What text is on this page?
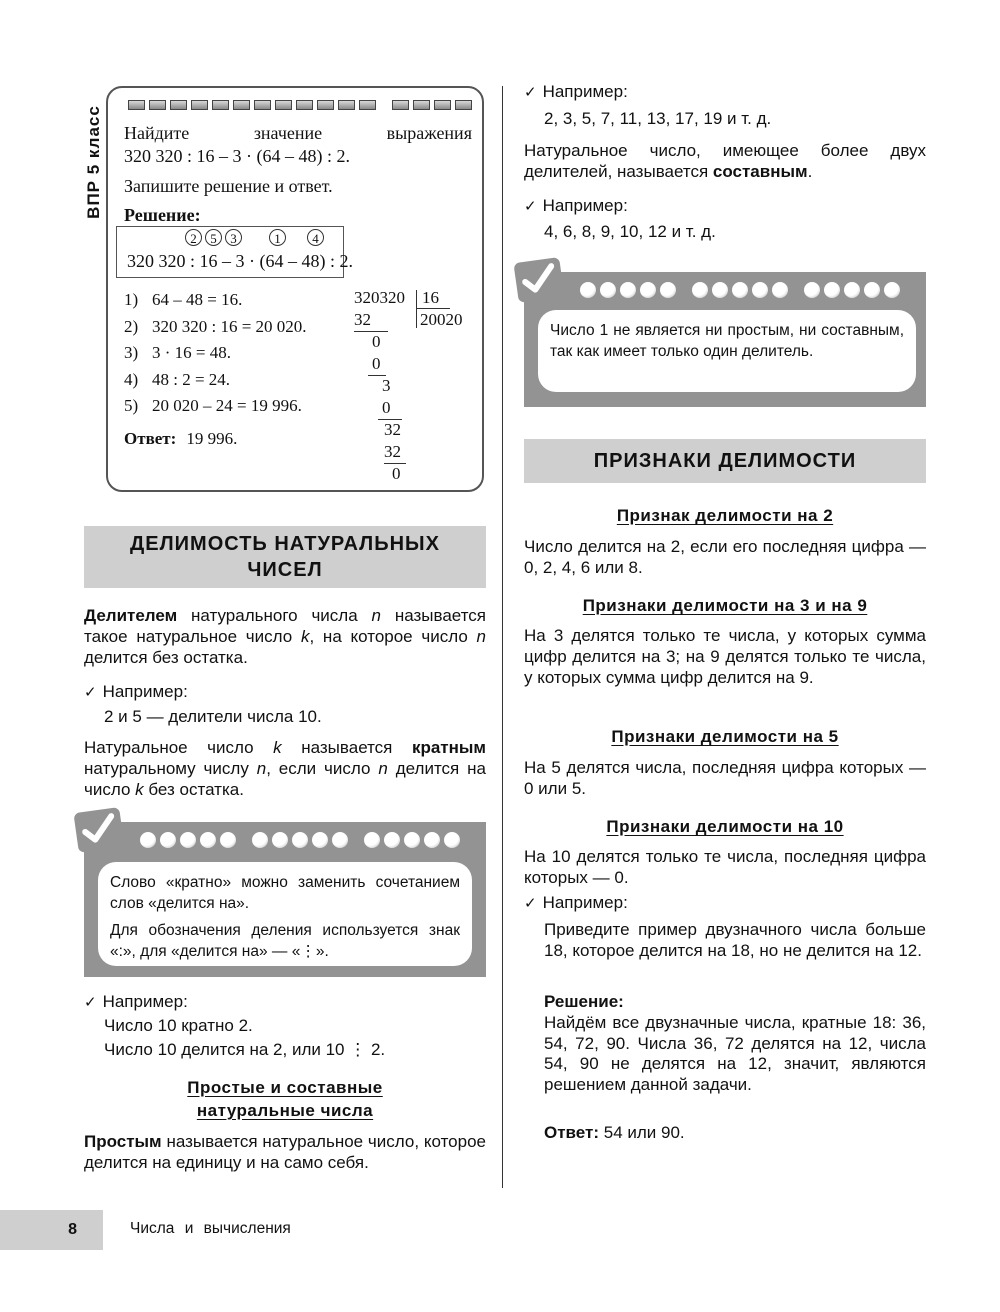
ВПР 5 класс Найдите	значение	выражения
320 320 : 16 – 3 · (64 – 48) : 2.
Запишите решение и ответ.
Решение:
2	5	3	1	4
320 320 : 16 – 3 · (64 – 48) : 2.
1) 64 – 48 = 16.
2) 320 320 : 16 = 20 020.
3) 3 · 16 = 48.
4) 48 : 2 = 24.
5) 20 020 – 24 = 19 996.
Ответ: 19 996.
320320 16
20020
32
0
0
3
0
32
32
0
ДЕЛИМОСТЬ НАТУРАЛЬНЫХ
ЧИСЕЛ
Делителем натурального числа n называется такое натуральное число k, на которое число n делится без остатка.
✓ Например:
2 и 5 — делители числа 10.
Натуральное число k называется кратным натуральному числу n, если число n делится на число k без остатка.

Слово «кратно» можно заменить сочетанием слов «делится на».

Для обозначения деления используется знак «:», для «делится на» — «⋮».

✓ Например:
Число 10 кратно 2.
Число 10 делится на 2, или 10 ⋮ 2.
Простые и составные
натуральные числа
Простым называется натуральное число, которое делится на единицу и на само себя.
✓ Например:
2, 3, 5, 7, 11, 13, 17, 19 и т. д.
Натуральное число, имеющее более двух делителей, называется составным.
✓ Например:
4, 6, 8, 9, 10, 12 и т. д.

Число 1 не является ни простым, ни составным, так как имеет только один делитель.

ПРИЗНАКИ ДЕЛИМОСТИ
Признак делимости на 2
Число делится на 2, если его последняя цифра — 0, 2, 4, 6 или 8.
Признаки делимости на 3 и на 9
На 3 делятся только те числа, у которых сумма цифр делится на 3; на 9 делятся только те числа, у которых сумма цифр делится на 9.
Признаки делимости на 5
На 5 делятся числа, последняя цифра которых — 0 или 5.
Признаки делимости на 10
На 10 делятся только те числа, последняя цифра которых — 0.
✓ Например:
Приведите пример двузначного числа больше 18, которое делится на 18, но не делится на 12.
Решение:
Найдём все двузначные числа, кратные 18: 36, 54, 72, 90. Числа 36, 72 делятся на 12, числа 54, 90 не делятся на 12, значит, являются решением данной задачи.
Ответ: 54 или 90.
8	Числа и вычисления
